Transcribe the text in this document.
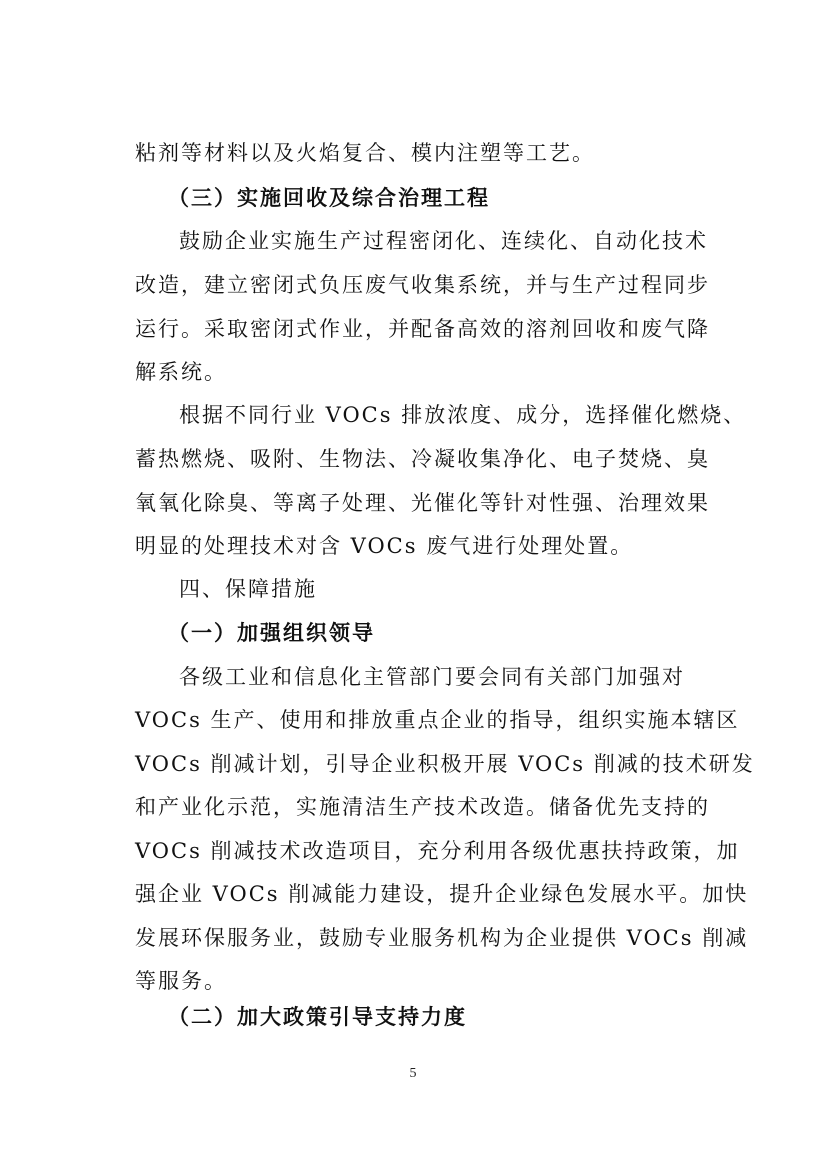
粘剂等材料以及火焰复合、模内注塑等工艺。
（三）实施回收及综合治理工程
鼓励企业实施生产过程密闭化、连续化、自动化技术
改造，建立密闭式负压废气收集系统，并与生产过程同步
运行。采取密闭式作业，并配备高效的溶剂回收和废气降
解系统。
根据不同行业 VOCs 排放浓度、成分，选择催化燃烧、
蓄热燃烧、吸附、生物法、冷凝收集净化、电子焚烧、臭
氧氧化除臭、等离子处理、光催化等针对性强、治理效果
明显的处理技术对含 VOCs 废气进行处理处置。
四、保障措施
（一）加强组织领导
各级工业和信息化主管部门要会同有关部门加强对
VOCs 生产、使用和排放重点企业的指导，组织实施本辖区
VOCs 削减计划，引导企业积极开展 VOCs 削减的技术研发
和产业化示范，实施清洁生产技术改造。储备优先支持的
VOCs 削减技术改造项目，充分利用各级优惠扶持政策，加
强企业 VOCs 削减能力建设，提升企业绿色发展水平。加快
发展环保服务业，鼓励专业服务机构为企业提供 VOCs 削减
等服务。
（二）加大政策引导支持力度
5
